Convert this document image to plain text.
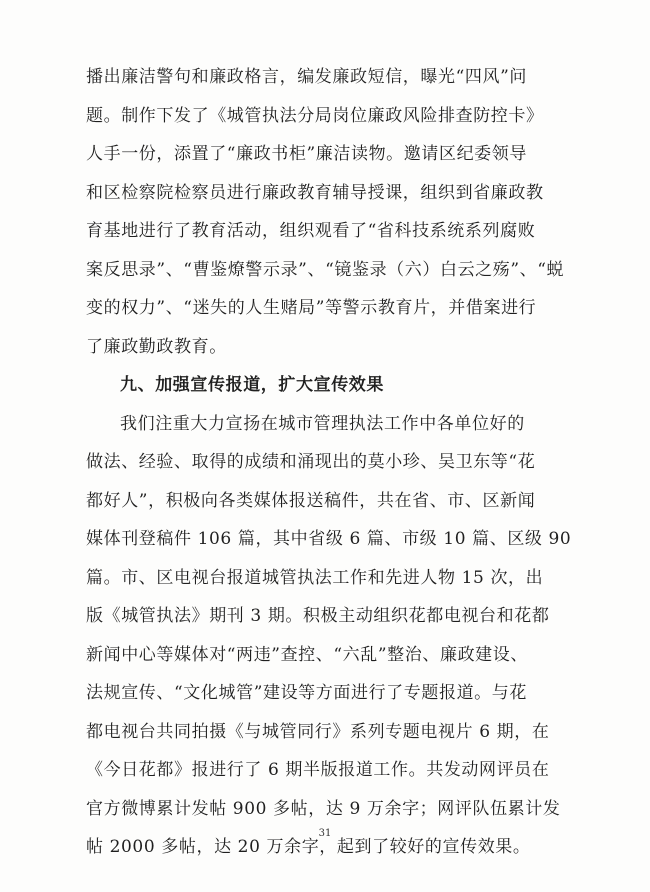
播出廉洁警句和廉政格言，编发廉政短信，曝光“四风”问
题。制作下发了《城管执法分局岗位廉政风险排查防控卡》
人手一份，添置了“廉政书柜”廉洁读物。邀请区纪委领导
和区检察院检察员进行廉政教育辅导授课，组织到省廉政教
育基地进行了教育活动，组织观看了“省科技系统系列腐败
案反思录”、“曹鉴燎警示录”、“镜鉴录（六）白云之殇”、“蜕
变的权力”、“迷失的人生赌局”等警示教育片，并借案进行
了廉政勤政教育。
九、加强宣传报道，扩大宣传效果
我们注重大力宣扬在城市管理执法工作中各单位好的
做法、经验、取得的成绩和涌现出的莫小珍、吴卫东等“花
都好人”，积极向各类媒体报送稿件，共在省、市、区新闻
媒体刊登稿件 106 篇，其中省级 6 篇、市级 10 篇、区级 90
篇。市、区电视台报道城管执法工作和先进人物 15 次，出
版《城管执法》期刊 3 期。积极主动组织花都电视台和花都
新闻中心等媒体对“两违”查控、“六乱”整治、廉政建设、
法规宣传、“文化城管”建设等方面进行了专题报道。与花
都电视台共同拍摄《与城管同行》系列专题电视片 6 期，在
《今日花都》报进行了 6 期半版报道工作。共发动网评员在
官方微博累计发帖 900 多帖，达 9 万余字；网评队伍累计发
帖 2000 多帖，达 20 万余字，起到了较好的宣传效果。
31
